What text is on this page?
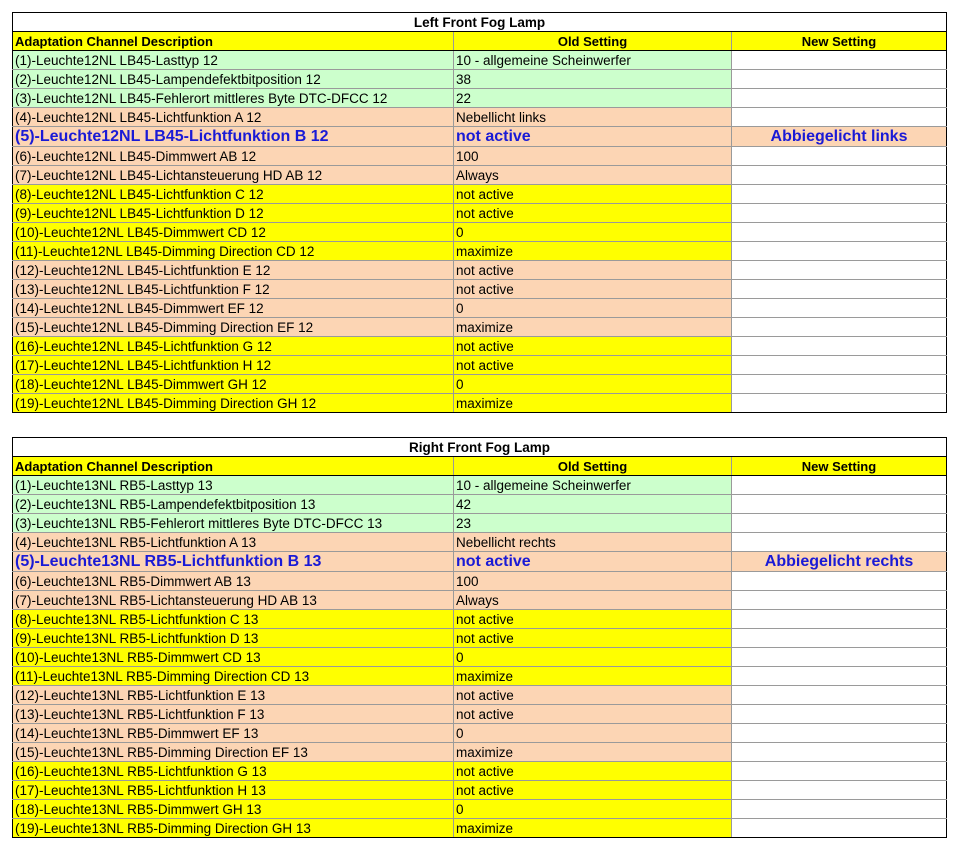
Left Front Fog Lamp		
Adaptation Channel Description	Old Setting	New Setting
(1)-Leuchte12NL LB45-Lasttyp 12	10 - allgemeine Scheinwerfer	
(2)-Leuchte12NL LB45-Lampendefektbitposition 12	38	
(3)-Leuchte12NL LB45-Fehlerort mittleres Byte DTC-DFCC 12	22	
(4)-Leuchte12NL LB45-Lichtfunktion A 12	Nebellicht links	
(5)-Leuchte12NL LB45-Lichtfunktion B 12	not active	Abbiegelicht links
(6)-Leuchte12NL LB45-Dimmwert AB 12	100	
(7)-Leuchte12NL LB45-Lichtansteuerung HD AB 12	Always	
(8)-Leuchte12NL LB45-Lichtfunktion C 12	not active	
(9)-Leuchte12NL LB45-Lichtfunktion D 12	not active	
(10)-Leuchte12NL LB45-Dimmwert CD 12	0	
(11)-Leuchte12NL LB45-Dimming Direction CD 12	maximize	
(12)-Leuchte12NL LB45-Lichtfunktion E 12	not active	
(13)-Leuchte12NL LB45-Lichtfunktion F 12	not active	
(14)-Leuchte12NL LB45-Dimmwert EF 12	0	
(15)-Leuchte12NL LB45-Dimming Direction EF 12	maximize	
(16)-Leuchte12NL LB45-Lichtfunktion G 12	not active	
(17)-Leuchte12NL LB45-Lichtfunktion H 12	not active	
(18)-Leuchte12NL LB45-Dimmwert GH 12	0	
(19)-Leuchte12NL LB45-Dimming Direction GH 12	maximize	
Right Front Fog Lamp		
Adaptation Channel Description	Old Setting	New Setting
(1)-Leuchte13NL RB5-Lasttyp 13	10 - allgemeine Scheinwerfer	
(2)-Leuchte13NL RB5-Lampendefektbitposition 13	42	
(3)-Leuchte13NL RB5-Fehlerort mittleres Byte DTC-DFCC 13	23	
(4)-Leuchte13NL RB5-Lichtfunktion A 13	Nebellicht rechts	
(5)-Leuchte13NL RB5-Lichtfunktion B 13	not active	Abbiegelicht rechts
(6)-Leuchte13NL RB5-Dimmwert AB 13	100	
(7)-Leuchte13NL RB5-Lichtansteuerung HD AB 13	Always	
(8)-Leuchte13NL RB5-Lichtfunktion C 13	not active	
(9)-Leuchte13NL RB5-Lichtfunktion D 13	not active	
(10)-Leuchte13NL RB5-Dimmwert CD 13	0	
(11)-Leuchte13NL RB5-Dimming Direction CD 13	maximize	
(12)-Leuchte13NL RB5-Lichtfunktion E 13	not active	
(13)-Leuchte13NL RB5-Lichtfunktion F 13	not active	
(14)-Leuchte13NL RB5-Dimmwert EF 13	0	
(15)-Leuchte13NL RB5-Dimming Direction EF 13	maximize	
(16)-Leuchte13NL RB5-Lichtfunktion G 13	not active	
(17)-Leuchte13NL RB5-Lichtfunktion H 13	not active	
(18)-Leuchte13NL RB5-Dimmwert GH 13	0	
(19)-Leuchte13NL RB5-Dimming Direction GH 13	maximize	
